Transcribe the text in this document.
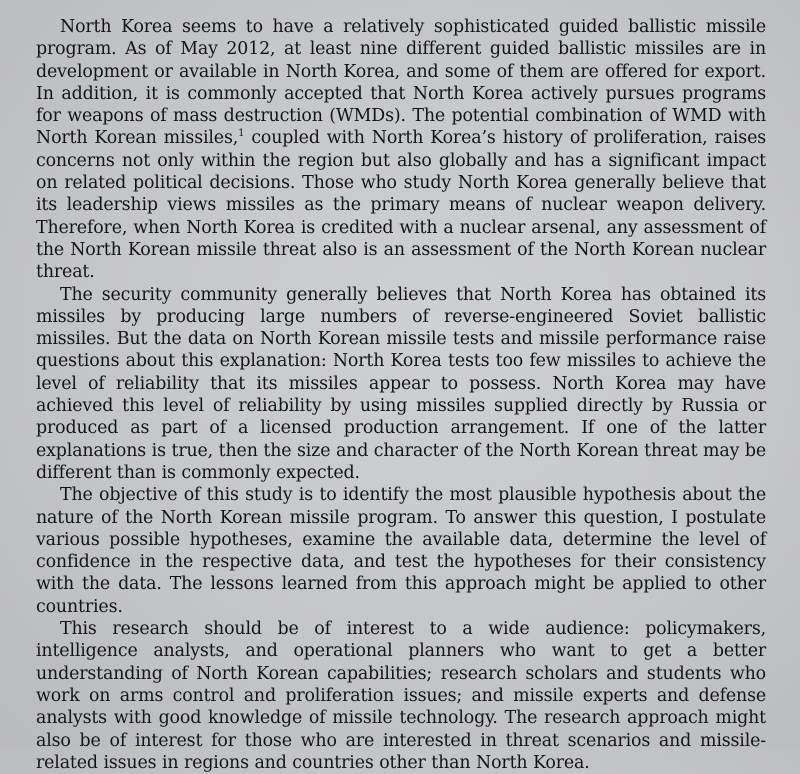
North Korea seems to have a relatively sophisticated guided ballistic missile program. As of May 2012, at least nine different guided ballistic missiles are in development or available in North Korea, and some of them are offered for export. In addition, it is commonly accepted that North Korea actively pursues programs for weapons of mass destruction (WMDs). The potential combination of WMD with North Korean missiles,$^1$ coupled with North Korea’s history of proliferation, raises concerns not only within the region but also globally and has a significant impact on related political decisions. Those who study North Korea generally believe that its leadership views missiles as the primary means of nuclear weapon delivery. Therefore, when North Korea is credited with a nuclear arsenal, any assessment of the North Korean missile threat also is an assessment of the North Korean nuclear threat.

The security community generally believes that North Korea has obtained its missiles by producing large numbers of reverse-engineered Soviet ballistic missiles. But the data on North Korean missile tests and missile performance raise questions about this explanation: North Korea tests too few missiles to achieve the level of reliability that its missiles appear to possess. North Korea may have achieved this level of reliability by using missiles supplied directly by Russia or produced as part of a licensed production arrangement. If one of the latter explanations is true, then the size and character of the North Korean threat may be different than is commonly expected.

The objective of this study is to identify the most plausible hypothesis about the nature of the North Korean missile program. To answer this question, I postulate various possible hypotheses, examine the available data, determine the level of confidence in the respective data, and test the hypotheses for their consistency with the data. The lessons learned from this approach might be applied to other countries.

This research should be of interest to a wide audience: policymakers, intelligence analysts, and operational planners who want to get a better understanding of North Korean capabilities; research scholars and students who work on arms control and proliferation issues; and missile experts and defense analysts with good knowledge of missile technology. The research approach might also be of interest for those who are interested in threat scenarios and missile-related issues in regions and countries other than North Korea.
